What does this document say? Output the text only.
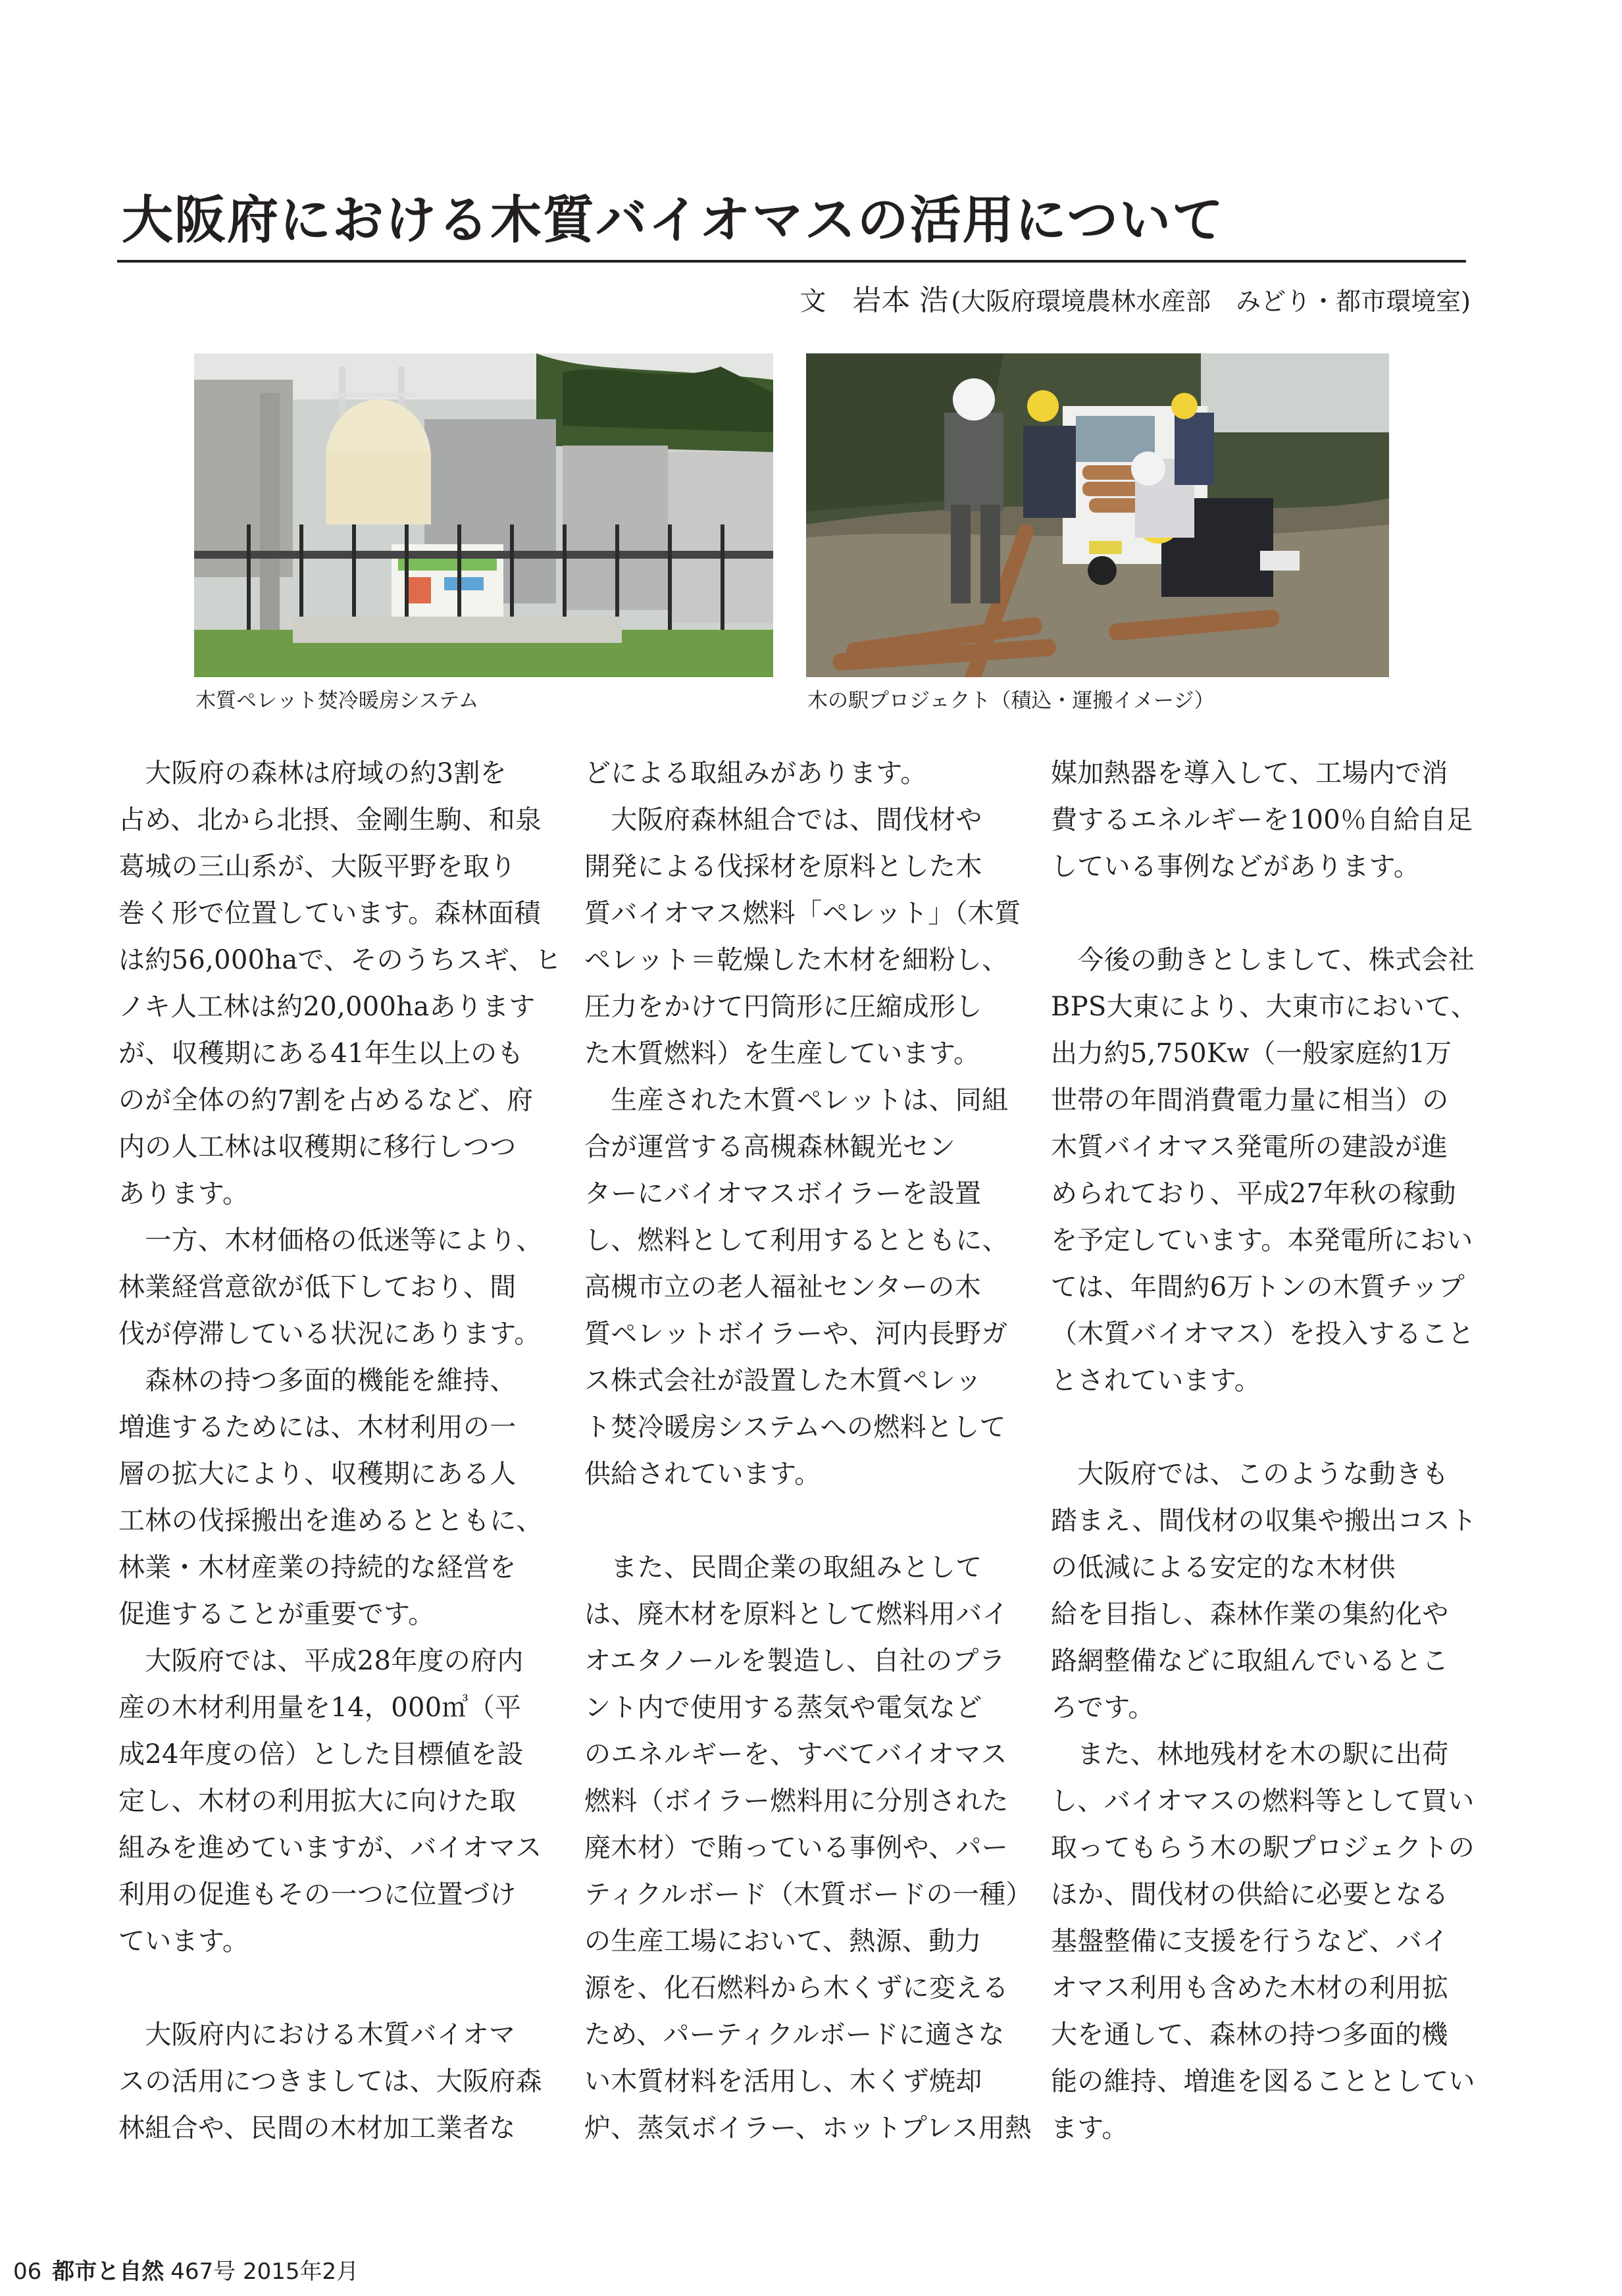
大阪府における木質バイオマスの活用について
文 岩本 浩 (大阪府環境農林水産部　みどり・都市環境室)
木質ペレット焚冷暖房システム	木の駅プロジェクト（積込・運搬イメージ）

　大阪府の森林は府域の約3割を
占め、北から北摂、金剛生駒、和泉
葛城の三山系が、大阪平野を取り
巻く形で位置しています。森林面積
は約56,000haで、そのうちスギ、ヒ
ノキ人工林は約20,000haあります
が、収穫期にある41年生以上のも
のが全体の約7割を占めるなど、府
内の人工林は収穫期に移行しつつ
あります。

　一方、木材価格の低迷等により、
林業経営意欲が低下しており、間
伐が停滞している状況にあります。

　森林の持つ多面的機能を維持、
増進するためには、木材利用の一
層の拡大により、収穫期にある人
工林の伐採搬出を進めるとともに、
林業・木材産業の持続的な経営を
促進することが重要です。

　大阪府では、平成28年度の府内
産の木材利用量を14，000㎥（平
成24年度の倍）とした目標値を設
定し、木材の利用拡大に向けた取
組みを進めていますが、バイオマス
利用の促進もその一つに位置づけ
ています。

　大阪府内における木質バイオマ
スの活用につきましては、大阪府森
林組合や、民間の木材加工業者な

どによる取組みがあります。

　大阪府森林組合では、間伐材や
開発による伐採材を原料とした木
質バイオマス燃料「ペレット」（木質
ペレット＝乾燥した木材を細粉し、
圧力をかけて円筒形に圧縮成形し
た木質燃料）を生産しています。

　生産された木質ペレットは、同組
合が運営する高槻森林観光セン
ターにバイオマスボイラーを設置
し、燃料として利用するとともに、
高槻市立の老人福祉センターの木
質ペレットボイラーや、河内長野ガ
ス株式会社が設置した木質ペレッ
ト焚冷暖房システムへの燃料として
供給されています。

　また、民間企業の取組みとして
は、廃木材を原料として燃料用バイ
オエタノールを製造し、自社のプラ
ント内で使用する蒸気や電気など
のエネルギーを、すべてバイオマス
燃料（ボイラー燃料用に分別された
廃木材）で賄っている事例や、パー
ティクルボード（木質ボードの一種）
の生産工場において、熱源、動力
源を、化石燃料から木くずに変える
ため、パーティクルボードに適さな
い木質材料を活用し、木くず焼却
炉、蒸気ボイラー、ホットプレス用熱

媒加熱器を導入して、工場内で消
費するエネルギーを100％自給自足
している事例などがあります。

　今後の動きとしまして、株式会社
BPS大東により、大東市において、
出力約5,750Kw（一般家庭約1万
世帯の年間消費電力量に相当）の
木質バイオマス発電所の建設が進
められており、平成27年秋の稼動
を予定しています。本発電所におい
ては、年間約6万トンの木質チップ
（木質バイオマス）を投入すること
とされています。

　大阪府では、このような動きも
踏まえ、間伐材の収集や搬出コスト
の低減による安定的な木材供
給を目指し、森林作業の集約化や
路網整備などに取組んでいるとこ
ろです。

　また、林地残材を木の駅に出荷
し、バイオマスの燃料等として買い
取ってもらう木の駅プロジェクトの
ほか、間伐材の供給に必要となる
基盤整備に支援を行うなど、バイ
オマス利用も含めた木材の利用拡
大を通して、森林の持つ多面的機
能の維持、増進を図ることとしてい
ます。

06 都市と自然 467号 2015年2月
